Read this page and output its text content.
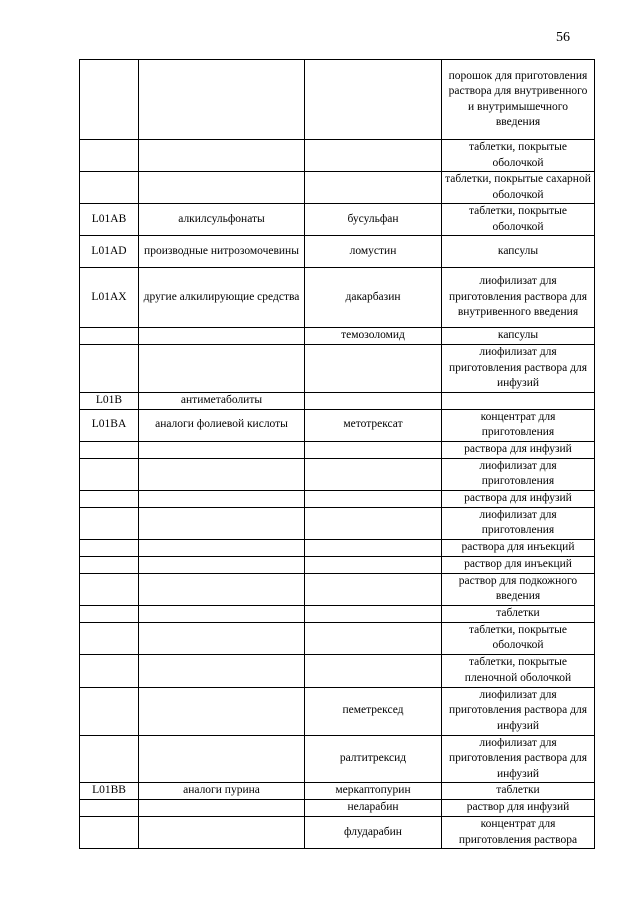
56
			порошок для приготовления раствора для внутривенного и внутримышечного введения
			таблетки, покрытые оболочкой
			таблетки, покрытые сахарной оболочкой
L01AB	алкилсульфонаты	бусульфан	таблетки, покрытые оболочкой
L01AD	производные нитрозомочевины	ломустин	капсулы
L01AX	другие алкилирующие средства	дакарбазин	лиофилизат для приготовления раствора для внутривенного введения
		темозоломид	капсулы
			лиофилизат для приготовления раствора для инфузий
L01B	антиметаболиты		
L01BA	аналоги фолиевой кислоты	метотрексат	концентрат для приготовления
			раствора для инфузий
			лиофилизат для приготовления
			раствора для инфузий
			лиофилизат для приготовления
			раствора для инъекций
			раствор для инъекций
			раствор для подкожного введения
			таблетки
			таблетки, покрытые оболочкой
			таблетки, покрытые пленочной оболочкой
		пеметрексед	лиофилизат для приготовления раствора для инфузий
		ралтитрексид	лиофилизат для приготовления раствора для инфузий
L01BB	аналоги пурина	меркаптопурин	таблетки
		неларабин	раствор для инфузий
		флударабин	концентрат для приготовления раствора
